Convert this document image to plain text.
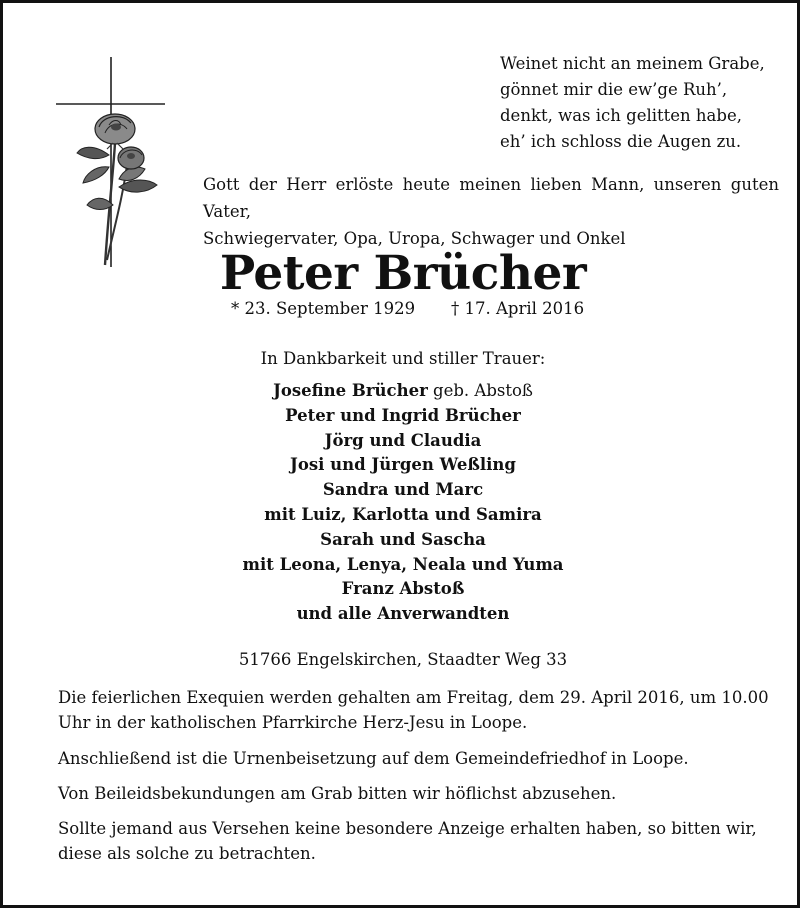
Weinet nicht an meinem Grabe,
gönnet mir die ew’ge Ruh’,
denkt, was ich gelitten habe,
eh’ ich schloss die Augen zu.
Gott der Herr erlöste heute meinen lieben Mann, unseren guten Vater,
Schwiegervater, Opa, Uropa, Schwager und Onkel
Peter Brücher
* 23. September 1929 † 17. April 2016
In Dankbarkeit und stiller Trauer:
Josefine Brücher geb. Abstoß
Peter und Ingrid Brücher
Jörg und Claudia
Josi und Jürgen Weßling
Sandra und Marc
mit Luiz, Karlotta und Samira
Sarah und Sascha
mit Leona, Lenya, Neala und Yuma
Franz Abstoß
und alle Anverwandten
51766 Engelskirchen, Staadter Weg 33
Die feierlichen Exequien werden gehalten am Freitag, dem 29. April 2016, um 10.00 Uhr in der katholischen Pfarrkirche Herz-Jesu in Loope.
Anschließend ist die Urnenbeisetzung auf dem Gemeindefriedhof in Loope.
Von Beileidsbekundungen am Grab bitten wir höflichst abzusehen.
Sollte jemand aus Versehen keine besondere Anzeige erhalten haben, so bitten wir, diese als solche zu betrachten.
